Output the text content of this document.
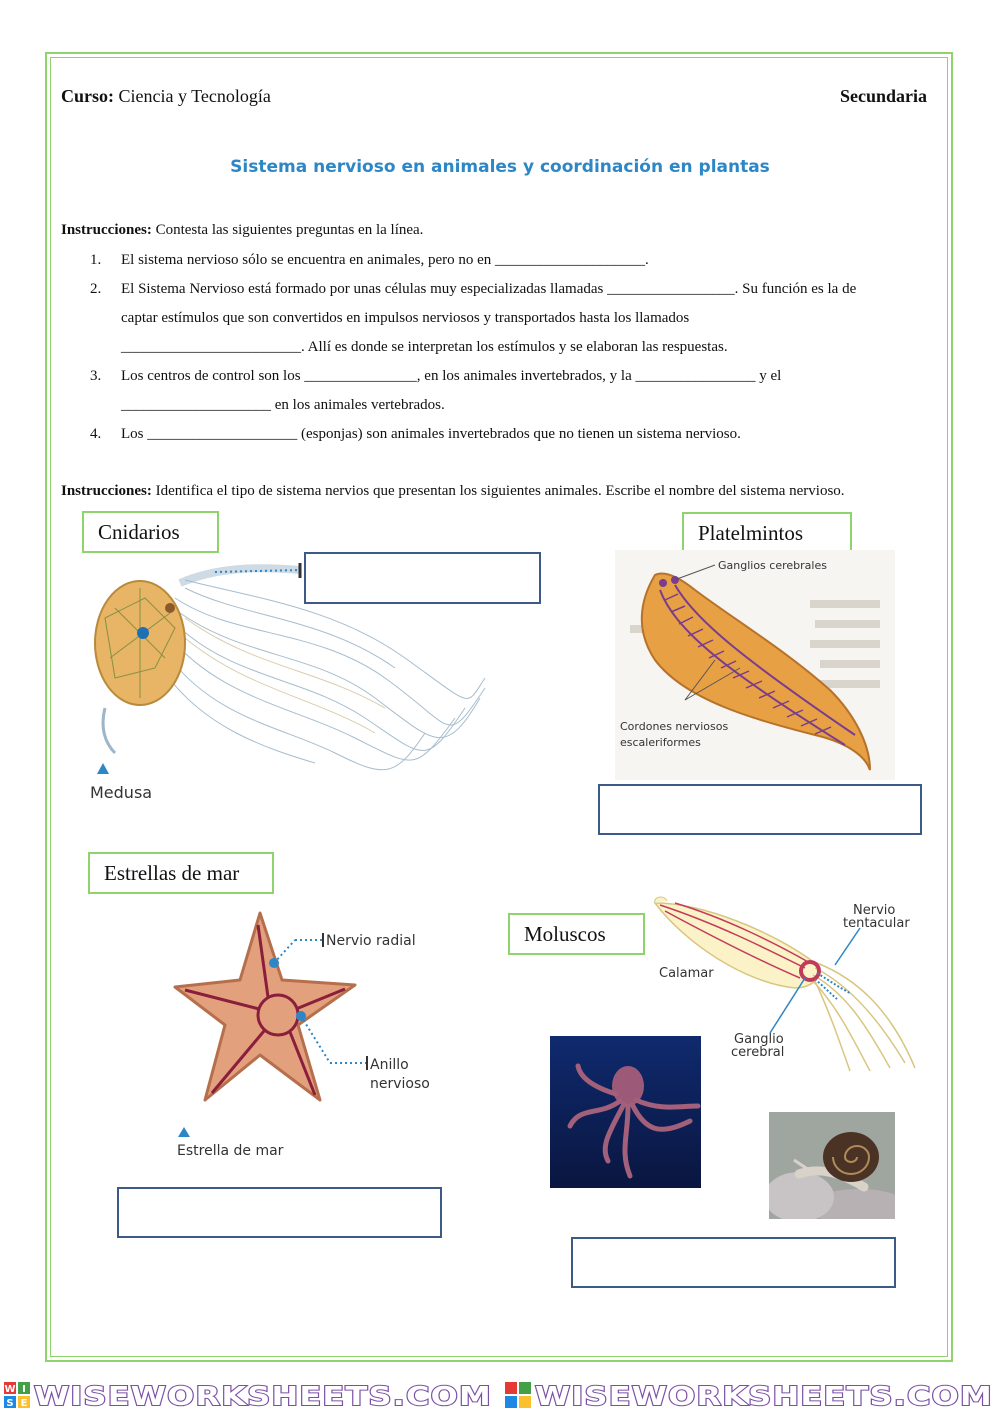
Curso: Ciencia y Tecnología	Secundaria
Sistema nervioso en animales y coordinación en plantas
Instrucciones: Contesta las siguientes preguntas en la línea.
1. El sistema nervioso sólo se encuentra en animales, pero no en ____________________.
2. El Sistema Nervioso está formado por unas células muy especializadas llamadas _________________. Su función es la de
captar estímulos que son convertidos en impulsos nerviosos y transportados hasta los llamados
________________________. Allí es donde se interpretan los estímulos y se elaboran las respuestas.
3. Los centros de control son los _______________, en los animales invertebrados, y la ________________ y el
____________________ en los animales vertebrados.
4. Los ____________________ (esponjas) son animales invertebrados que no tienen un sistema nervioso.
Instrucciones: Identifica el tipo de sistema nervios que presentan los siguientes animales. Escribe el nombre del sistema nervioso.
Cnidarios
Medusa
Platelmintos
Ganglios cerebrales
Cordones nerviosos
escaleriformes
Estrellas de mar
Nervio radial
Anillo
nervioso
Estrella de mar
Moluscos
Nervio
tentacular
Calamar
Ganglio
cerebral
W I
S E WISEWORKSHEETS.COM WISEWORKSHEETS.COM
